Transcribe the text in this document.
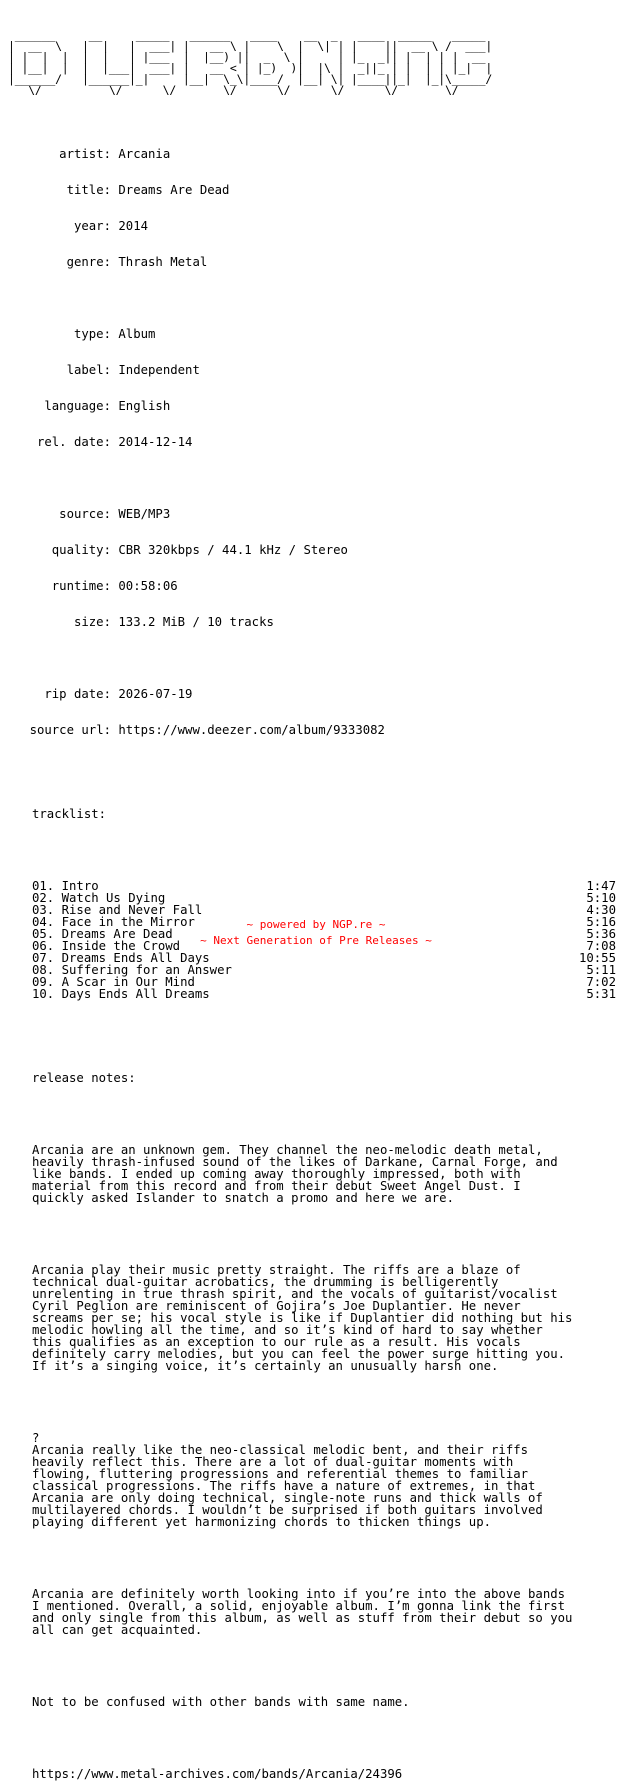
______     __     _____   ______   ____    __  _   ____  _____   _____
|  __  \   |  |   |  ___| |   __ \ |    \  |  \| | |    ||  __ \ /  ___|
| |  |  |  |  |   | |___  |  |__) ||  _  \ |     | |_  _|| |  | | |  __
| |__|  |  |  |___|  ___| |   __ < | |_)  )|  |\ |  _||_ | |  | | |_|  |
|______/   |______|_|     |__|  \_\|____/  |__| \| |____||_|  |_|\_____/
\/          \/      \/       \/      \/      \/      \/       \/

artist:
Arcania

title:
Dreams Are Dead

year:
2014

genre:
Thrash Metal

type:
Album

label:
Independent

language:
English

rel. date:
2014-12-14

source:
WEB/MP3

quality:
CBR 320kbps / 44.1 kHz / Stereo

runtime:
00:58:06

size:
133.2 MiB / 10 tracks

rip date:
2026-07-19

source url:
https://www.deezer.com/album/9333082

tracklist:

01. Intro	1:47
02. Watch Us Dying	5:10
03. Rise and Never Fall	4:30
04. Face in the Mirror	5:16
05. Dreams Are Dead	5:36
06. Inside the Crowd	7:08
07. Dreams Ends All Days	10:55
08. Suffering for an Answer	5:11
09. A Scar in Our Mind	7:02
10. Days Ends All Dreams	5:31

release notes:

Arcania are an unknown gem. They channel the neo-melodic death metal,
heavily thrash-infused sound of the likes of Darkane, Carnal Forge, and
like bands. I ended up coming away thoroughly impressed, both with
material from this record and from their debut Sweet Angel Dust. I
quickly asked Islander to snatch a promo and here we are.

Arcania play their music pretty straight. The riffs are a blaze of
technical dual-guitar acrobatics, the drumming is belligerently
unrelenting in true thrash spirit, and the vocals of guitarist/vocalist
Cyril Peglion are reminiscent of Gojira’s Joe Duplantier. He never
screams per se; his vocal style is like if Duplantier did nothing but his
melodic howling all the time, and so it’s kind of hard to say whether
this qualifies as an exception to our rule as a result. His vocals
definitely carry melodies, but you can feel the power surge hitting you.
If it’s a singing voice, it’s certainly an unusually harsh one.

?
Arcania really like the neo-classical melodic bent, and their riffs
heavily reflect this. There are a lot of dual-guitar moments with
flowing, fluttering progressions and referential themes to familiar
classical progressions. The riffs have a nature of extremes, in that
Arcania are only doing technical, single-note runs and thick walls of
multilayered chords. I wouldn’t be surprised if both guitars involved
playing different yet harmonizing chords to thicken things up.

Arcania are definitely worth looking into if you’re into the above bands
I mentioned. Overall, a solid, enjoyable album. I’m gonna link the first
and only single from this album, as well as stuff from their debut so you
all can get acquainted.

Not to be confused with other bands with same name.

https://www.metal-archives.com/bands/Arcania/24396

~ powered by NGP.re ~
~ Next Generation of Pre Releases ~
